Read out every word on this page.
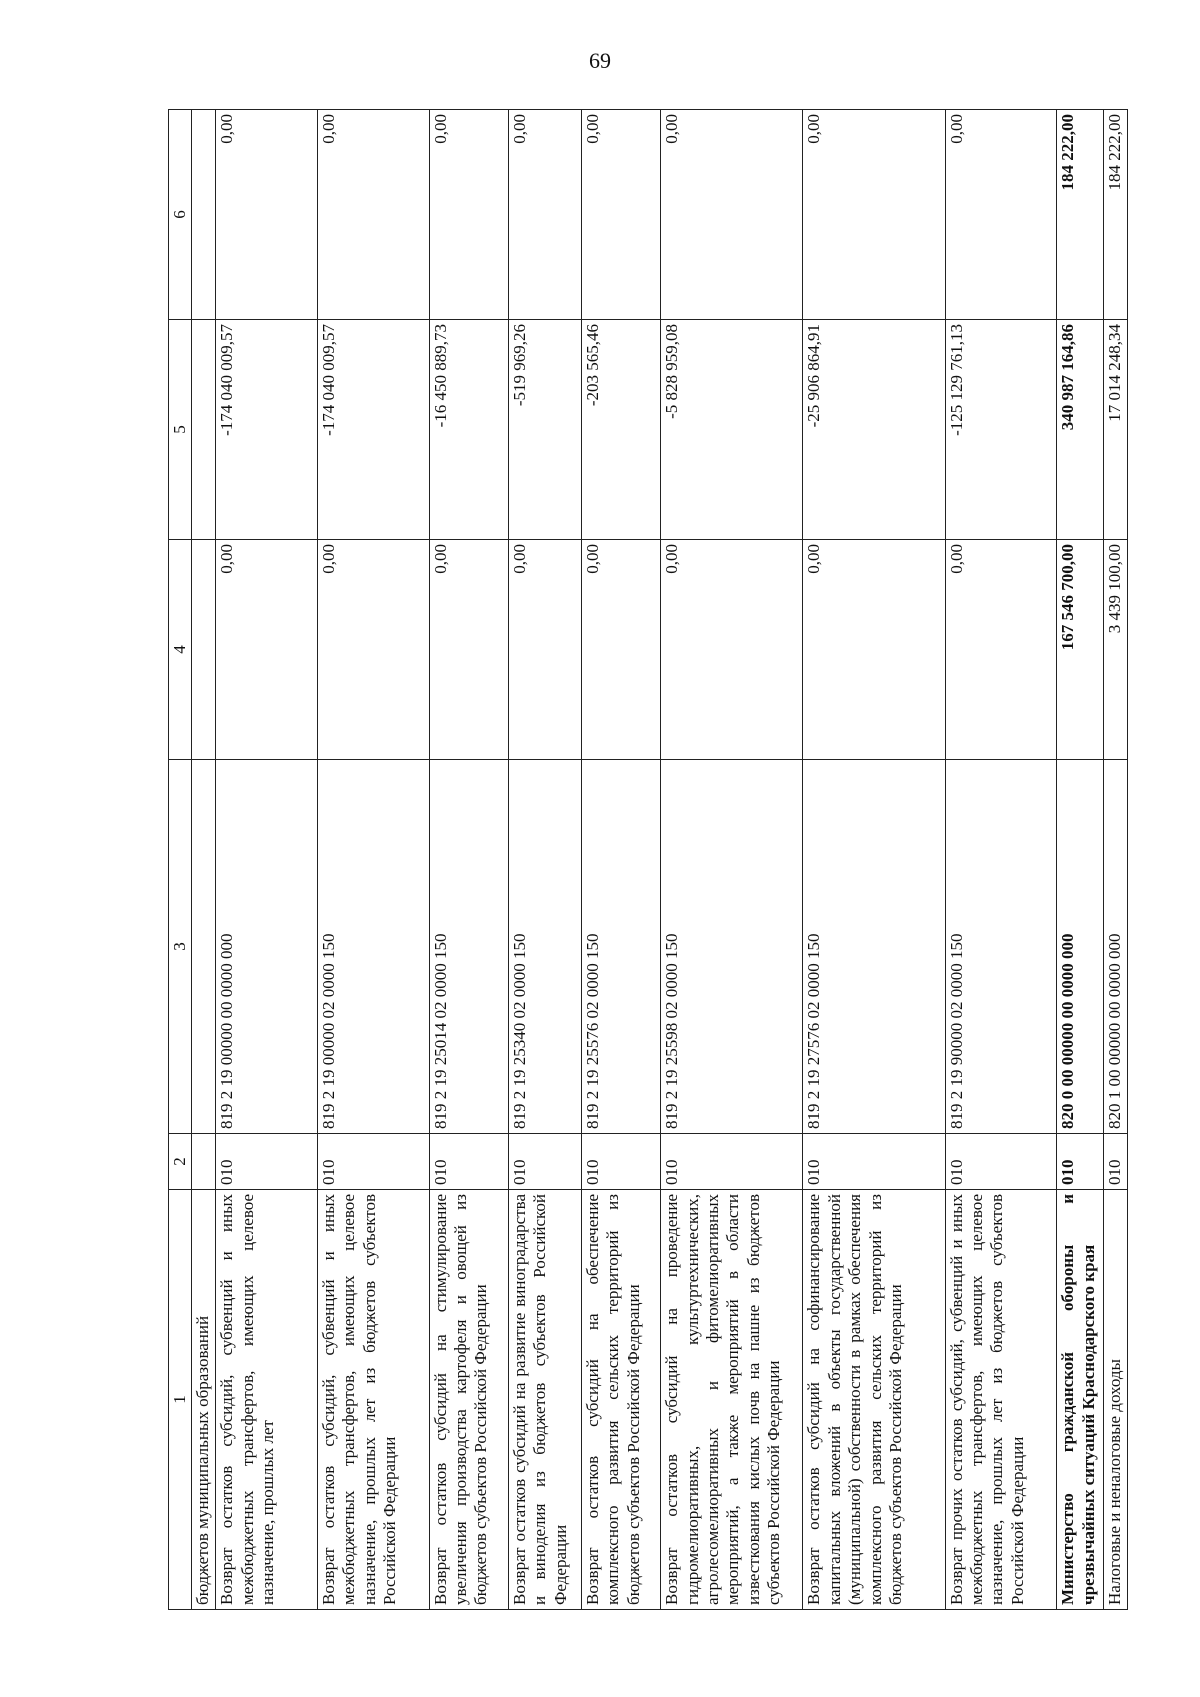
69
1	2	3	4	5	6	
бюджетов муниципальных образований						
Возврат остатков субсидий, субвенций и иных межбюджетных трансфертов, имеющих целевое назначение, прошлых лет	010	819 2 19 00000 00 0000 000	0,00	-174 040 009,57	0,00	
Возврат остатков субсидий, субвенций и иных межбюджетных трансфертов, имеющих целевое назначение, прошлых лет из бюджетов субъектов Российской Федерации	010	819 2 19 00000 02 0000 150	0,00	-174 040 009,57	0,00	
Возврат остатков субсидий на стимулирование увеличения производства картофеля и овощей из бюджетов субъектов Российской Федерации	010	819 2 19 25014 02 0000 150	0,00	-16 450 889,73	0,00	
Возврат остатков субсидий на развитие виноградарства и виноделия из бюджетов субъектов Российской Федерации	010	819 2 19 25340 02 0000 150	0,00	-519 969,26	0,00	
Возврат остатков субсидий на обеспечение комплексного развития сельских территорий из бюджетов субъектов Российской Федерации	010	819 2 19 25576 02 0000 150	0,00	-203 565,46	0,00	
Возврат остатков субсидий на проведение гидромелиоративных, культуртехнических, агролесомелиоративных и фитомелиоративных мероприятий, а также мероприятий в области известкования кислых почв на пашне из бюджетов субъектов Российской Федерации	010	819 2 19 25598 02 0000 150	0,00	-5 828 959,08	0,00	
Возврат остатков субсидий на софинансирование капитальных вложений в объекты государственной (муниципальной) собственности в рамках обеспечения комплексного развития сельских территорий из бюджетов субъектов Российской Федерации	010	819 2 19 27576 02 0000 150	0,00	-25 906 864,91	0,00	
Возврат прочих остатков субсидий, субвенций и иных межбюджетных трансфертов, имеющих целевое назначение, прошлых лет из бюджетов субъектов Российской Федерации	010	819 2 19 90000 02 0000 150	0,00	-125 129 761,13	0,00	
Министерство гражданской обороны и чрезвычайных ситуаций Краснодарского края	010	820 0 00 00000 00 0000 000	167 546 700,00	340 987 164,86	184 222,00	
Налоговые и неналоговые доходы	010	820 1 00 00000 00 0000 000	3 439 100,00	17 014 248,34	184 222,00	
